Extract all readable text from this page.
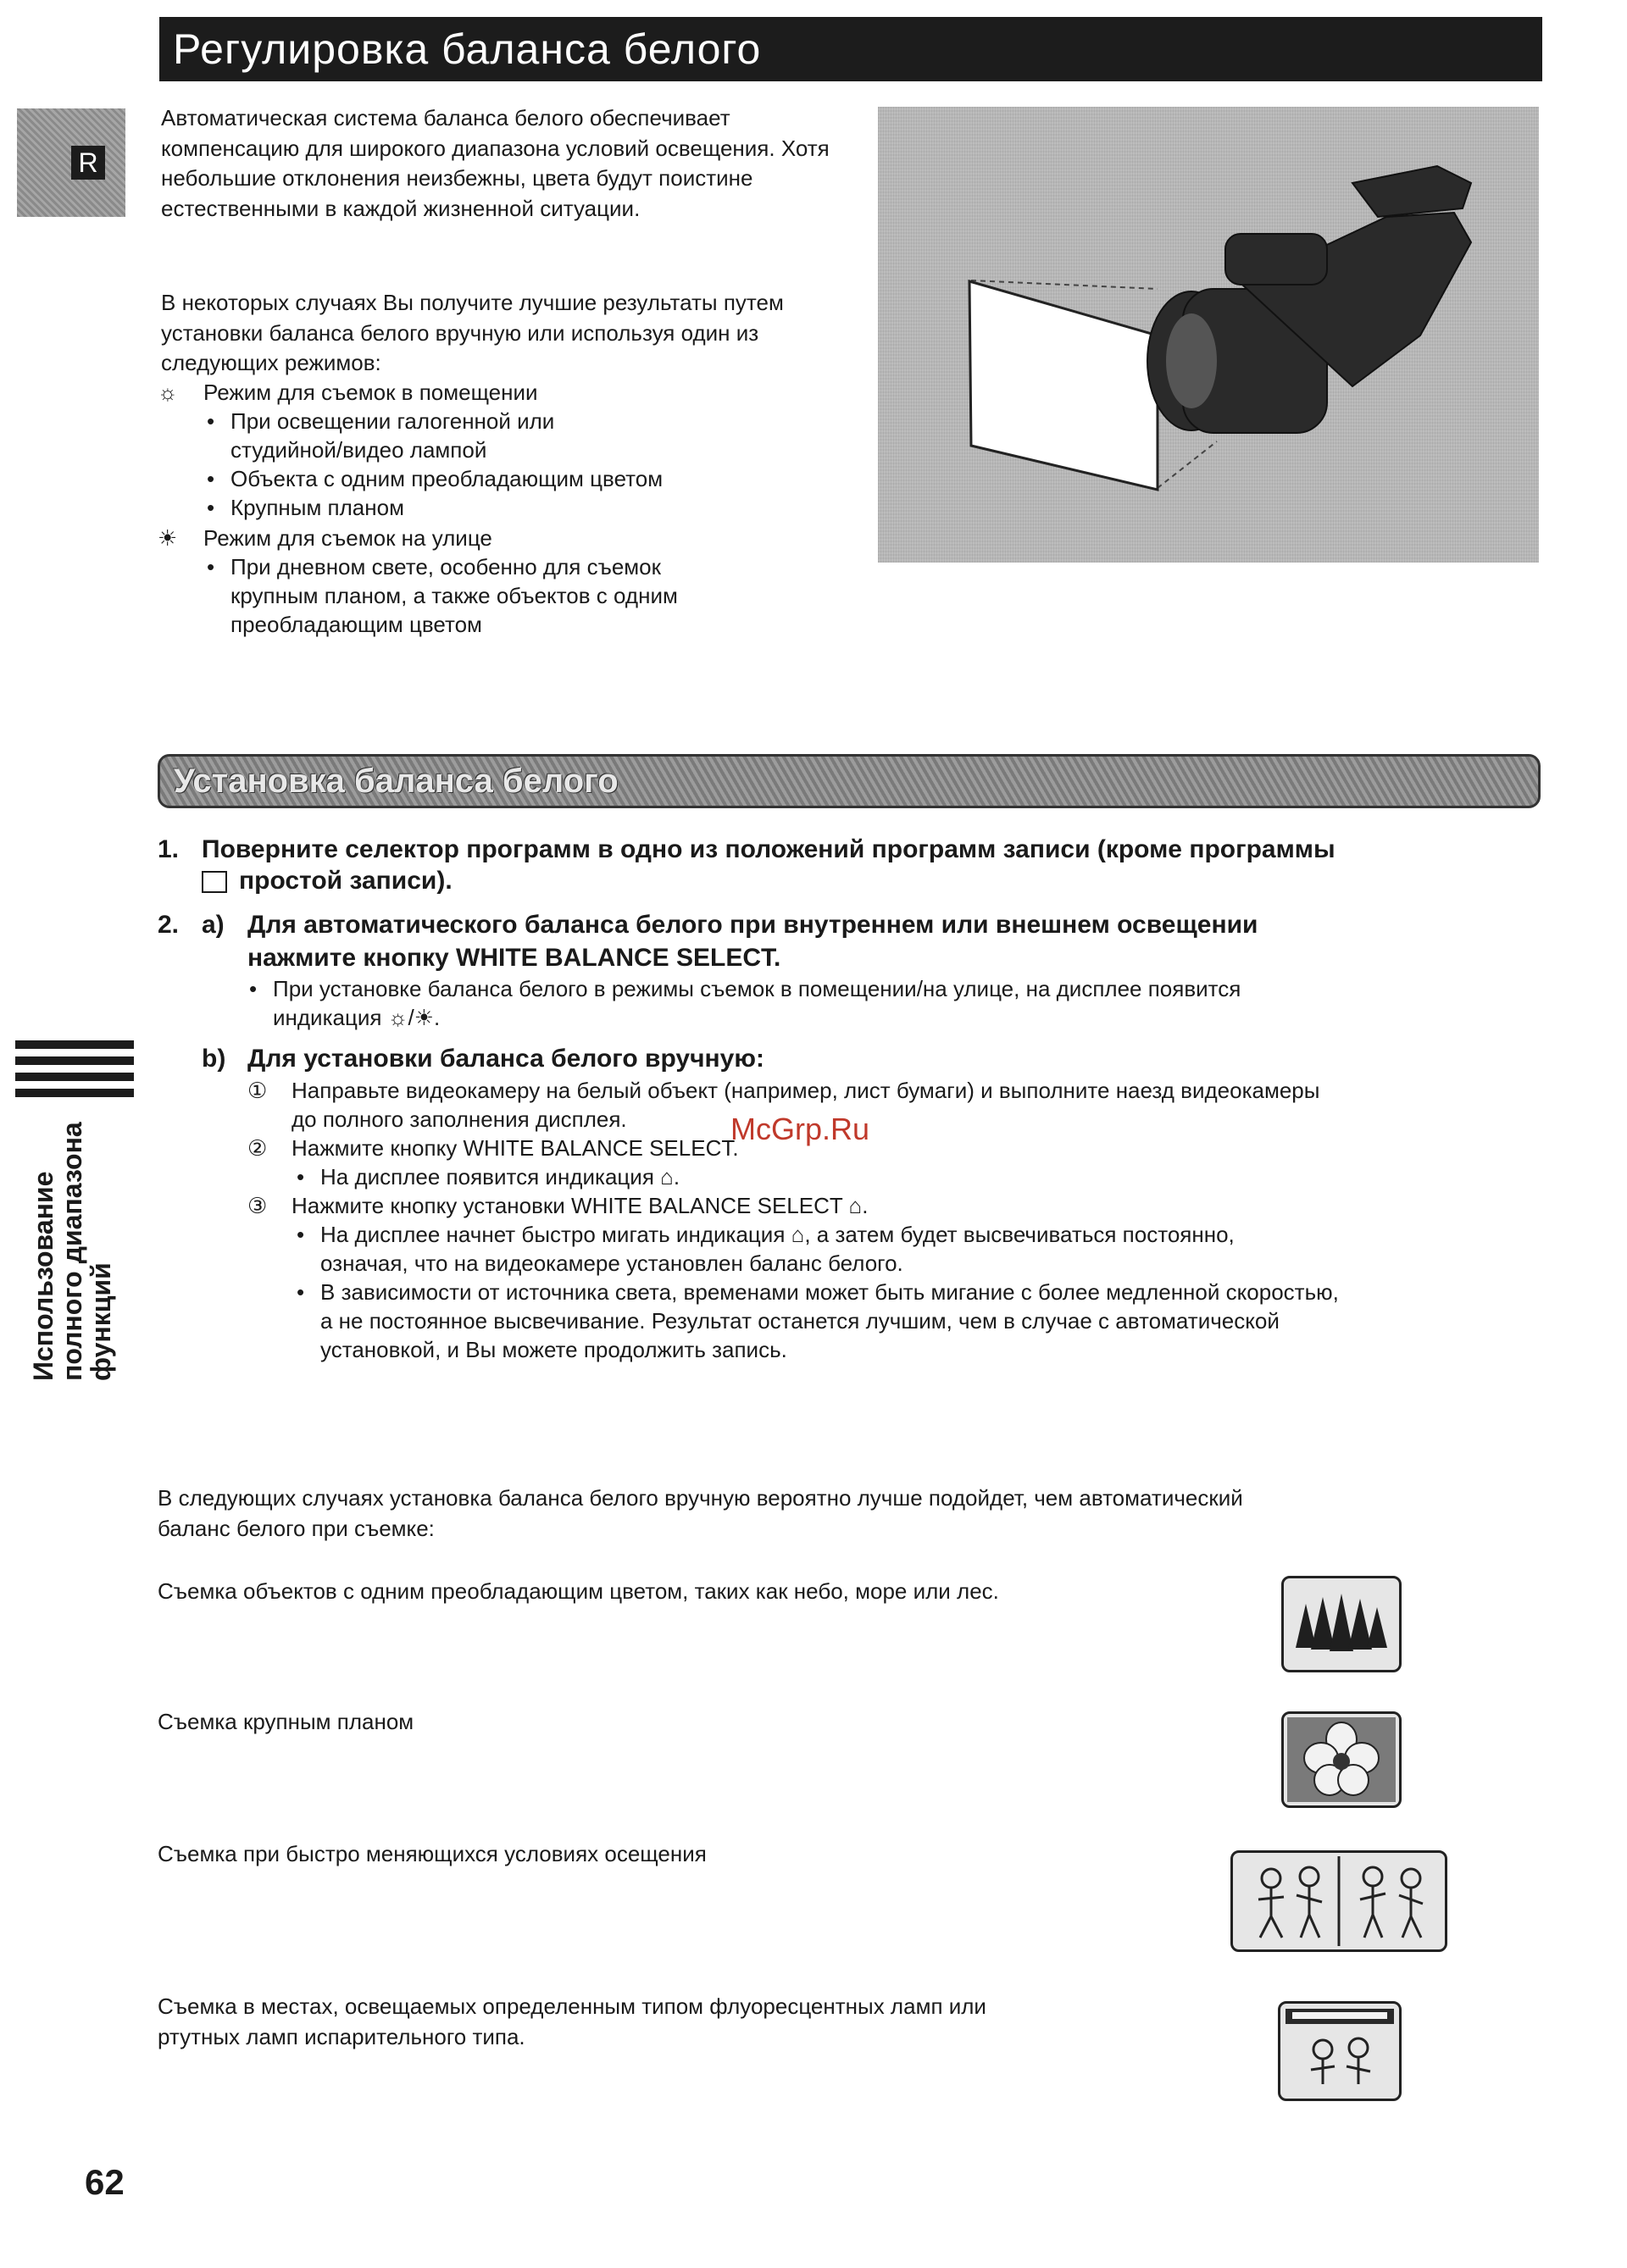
Регулировка баланса белого
R
Автоматическая система баланса белого обеспечивает компенсацию для широкого диапазона условий освещения. Хотя небольшие отклонения неизбежны, цвета будут поистине естественными в каждой жизненной ситуации.
В некоторых случаях Вы получите лучшие результаты путем установки баланса белого вручную или используя один из следующих режимов:
☼ Режим для съемок в помещении
• При освещении галогенной или
студийной/видео лампой
• Объекта с одним преобладающим цветом
• Крупным планом
☀ Режим для съемок на улице
• При дневном свете, особенно для съемок
крупным планом, а также объектов с одним
преобладающим цветом
Установка баланса белого
1. Поверните селектор программ в одно из положений программ записи (кроме программы
простой записи).
2. a) Для автоматического баланса белого при внутреннем или внешнем освещении
нажмите кнопку WHITE BALANCE SELECT.
• При установке баланса белого в режимы съемок в помещении/на улице, на дисплее появится
индикация ☼/☀.
b) Для установки баланса белого вручную:
① Направьте видеокамеру на белый объект (например, лист бумаги) и выполните наезд видеокамеры
до полного заполнения дисплея.
② Нажмите кнопку WHITE BALANCE SELECT.
• На дисплее появится индикация ⌂.
③ Нажмите кнопку установки WHITE BALANCE SELECT ⌂.
• На дисплее начнет быстро мигать индикация ⌂, а затем будет высвечиваться постоянно,
означая, что на видеокамере установлен баланс белого.
• В зависимости от источника света, временами может быть мигание с более медленной скоростью,
а не постоянное высвечивание. Результат останется лучшим, чем в случае с автоматической
установкой, и Вы можете продолжить запись.
McGrp.Ru
Использование
полного диапазона
функций
В следующих случаях установка баланса белого вручную вероятно лучше подойдет, чем автоматический
баланс белого при съемке:
Съемка объектов с одним преобладающим цветом, таких как небо, море или лес.
Съемка крупным планом
Съемка при быстро меняющихся условиях осещения
Съемка в местах, освещаемых определенным типом флуоресцентных ламп или
ртутных ламп испарительного типа.
62
